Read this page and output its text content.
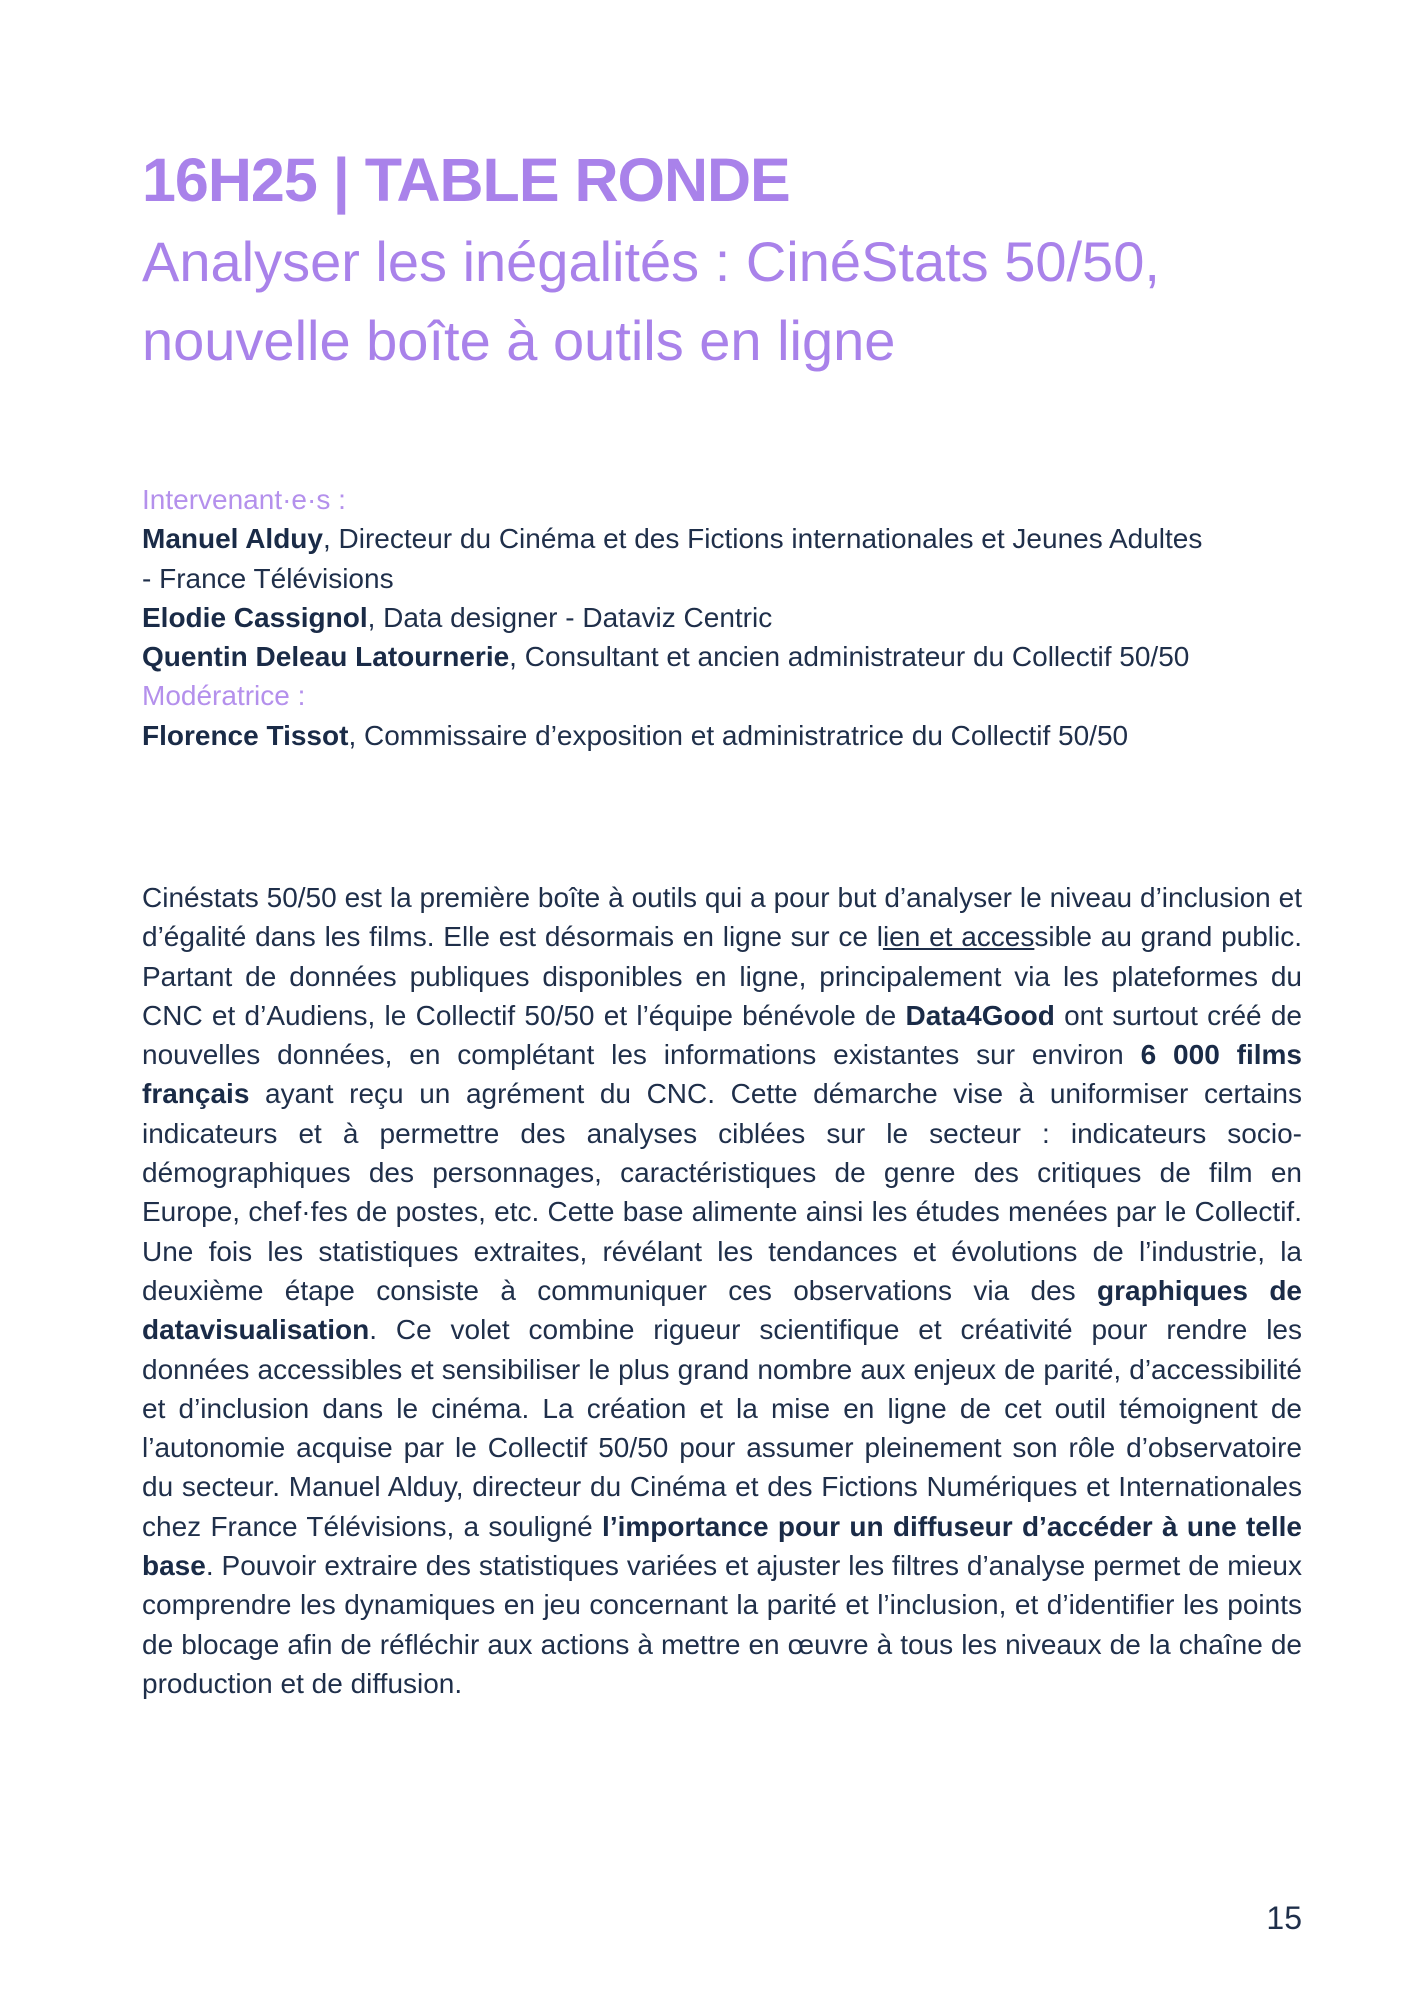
16H25 | TABLE RONDE
Analyser les inégalités : CinéStats 50/50, nouvelle boîte à outils en ligne
Intervenant·e·s :
Manuel Alduy, Directeur du Cinéma et des Fictions internationales et Jeunes Adultes
- France Télévisions
Elodie Cassignol, Data designer - Dataviz Centric
Quentin Deleau Latournerie, Consultant et ancien administrateur du Collectif 50/50
Modératrice :
Florence Tissot, Commissaire d’exposition et administratrice du Collectif 50/50

Cinéstats 50/50 est la première boîte à outils qui a pour but d’analyser le niveau d’inclusion et d’égalité dans les films. Elle est désormais en ligne sur ce lien et accessible au grand public. Partant de données publiques disponibles en ligne, principalement via les plateformes du CNC et d’Audiens, le Collectif 50/50 et l’équipe bénévole de Data4Good ont surtout créé de nouvelles données, en complétant les informations existantes sur environ 6 000 films français ayant reçu un agrément du CNC. Cette démarche vise à uniformiser certains indicateurs et à permettre des analyses ciblées sur le secteur : indicateurs socio-démographiques des personnages, caractéristiques de genre des critiques de film en Europe, chef·fes de postes, etc. Cette base alimente ainsi les études menées par le Collectif. Une fois les statistiques extraites, révélant les tendances et évolutions de l’industrie, la deuxième étape consiste à communiquer ces observations via des graphiques de datavisualisation. Ce volet combine rigueur scientifique et créativité pour rendre les données accessibles et sensibiliser le plus grand nombre aux enjeux de parité, d’accessibilité et d’inclusion dans le cinéma. La création et la mise en ligne de cet outil témoignent de l’autonomie acquise par le Collectif 50/50 pour assumer pleinement son rôle d’observatoire du secteur. Manuel Alduy, directeur du Cinéma et des Fictions Numériques et Internationales chez France Télévisions, a souligné l’importance pour un diffuseur d’accéder à une telle base. Pouvoir extraire des statistiques variées et ajuster les filtres d’analyse permet de mieux comprendre les dynamiques en jeu concernant la parité et l’inclusion, et d’identifier les points de blocage afin de réfléchir aux actions à mettre en œuvre à tous les niveaux de la chaîne de production et de diffusion.

15
